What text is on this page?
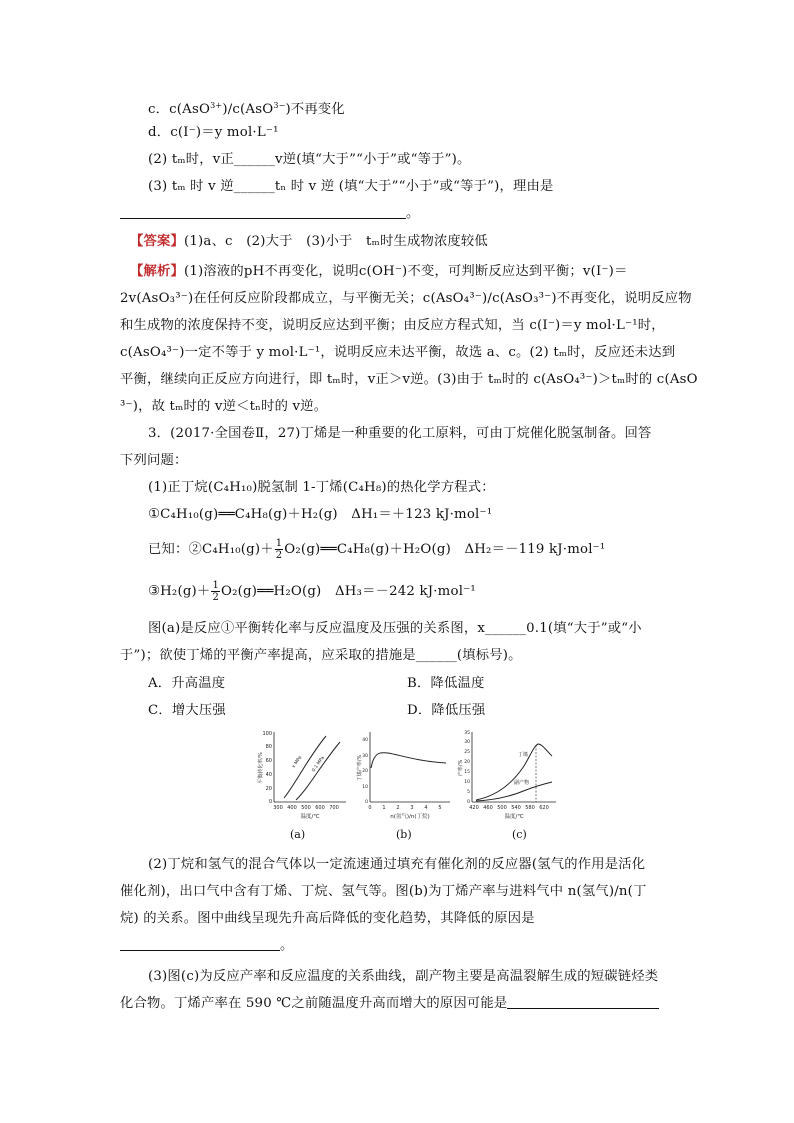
c．c(AsO$^{3+}$)/c(AsO$^{3-}$)不再变化
d．c(I⁻)＝y mol·L⁻¹
(2) tₘ时，v正______v逆(填“大于”“小于”或“等于”)。
(3) tₘ 时 v 逆______tₙ 时 v 逆 (填“大于”“小于”或“等于”)，理由是
。
【答案】(1)a、c　(2)大于　(3)小于　tₘ时生成物浓度较低
【解析】(1)溶液的pH不再变化，说明c(OH⁻)不变，可判断反应达到平衡；v(I⁻)＝
2v(AsO₃³⁻)在任何反应阶段都成立，与平衡无关；c(AsO₄³⁻)/c(AsO₃³⁻)不再变化，说明反应物
和生成物的浓度保持不变，说明反应达到平衡；由反应方程式知，当 c(I⁻)＝y mol·L⁻¹时，
c(AsO₄³⁻)一定不等于 y mol·L⁻¹，说明反应未达平衡，故选 a、c。(2) tₘ时，反应还未达到
平衡，继续向正反应方向进行，即 tₘ时，v正＞v逆。(3)由于 tₘ时的 c(AsO₄³⁻)＞tₘ时的 c(AsO
³⁻)，故 tₘ时的 v逆＜tₙ时的 v逆。
3．(2017·全国卷Ⅱ，27)丁烯是一种重要的化工原料，可由丁烷催化脱氢制备。回答
下列问题：
(1)正丁烷(C₄H₁₀)脱氢制 1-丁烯(C₄H₈)的热化学方程式：
①C₄H₁₀(g)══C₄H₈(g)＋H₂(g)　ΔH₁＝＋123 kJ·mol⁻¹
已知：②C₄H₁₀(g)＋ $\frac{1}{2}$ O₂(g)══C₄H₈(g)＋H₂O(g)　ΔH₂＝－119 kJ·mol⁻¹
③H₂(g)＋ $\frac{1}{2}$ O₂(g)══H₂O(g)　ΔH₃＝－242 kJ·mol⁻¹
图(a)是反应①平衡转化率与反应温度及压强的关系图，x______0.1(填“大于”或“小
于”)；欲使丁烯的平衡产率提高，应采取的措施是______(填标号)。
A．升高温度	B．降低温度
C．增大压强	D．降低压强
0
20
40
60
80
100
300 400 500 600 700
温度/℃
平衡转化率/%	x MPa 0.1 MPa
0
10
20
30
40
0 1 2 3 4 5
n(氢气)/n(丁烷)
丁烯产率/%
0
5
10
15
20
25
30
35
420 460 500 540 580 620
温度/℃
产率/%
丁烯
副产物
(a)	(b)	(c)
(2)丁烷和氢气的混合气体以一定流速通过填充有催化剂的反应器(氢气的作用是活化
催化剂)，出口气中含有丁烯、丁烷、氢气等。图(b)为丁烯产率与进料气中 n(氢气)/n(丁
烷) 的关系。图中曲线呈现先升高后降低的变化趋势，其降低的原因是
。
(3)图(c)为反应产率和反应温度的关系曲线，副产物主要是高温裂解生成的短碳链烃类
化合物。丁烯产率在 590 ℃之前随温度升高而增大的原因可能是
